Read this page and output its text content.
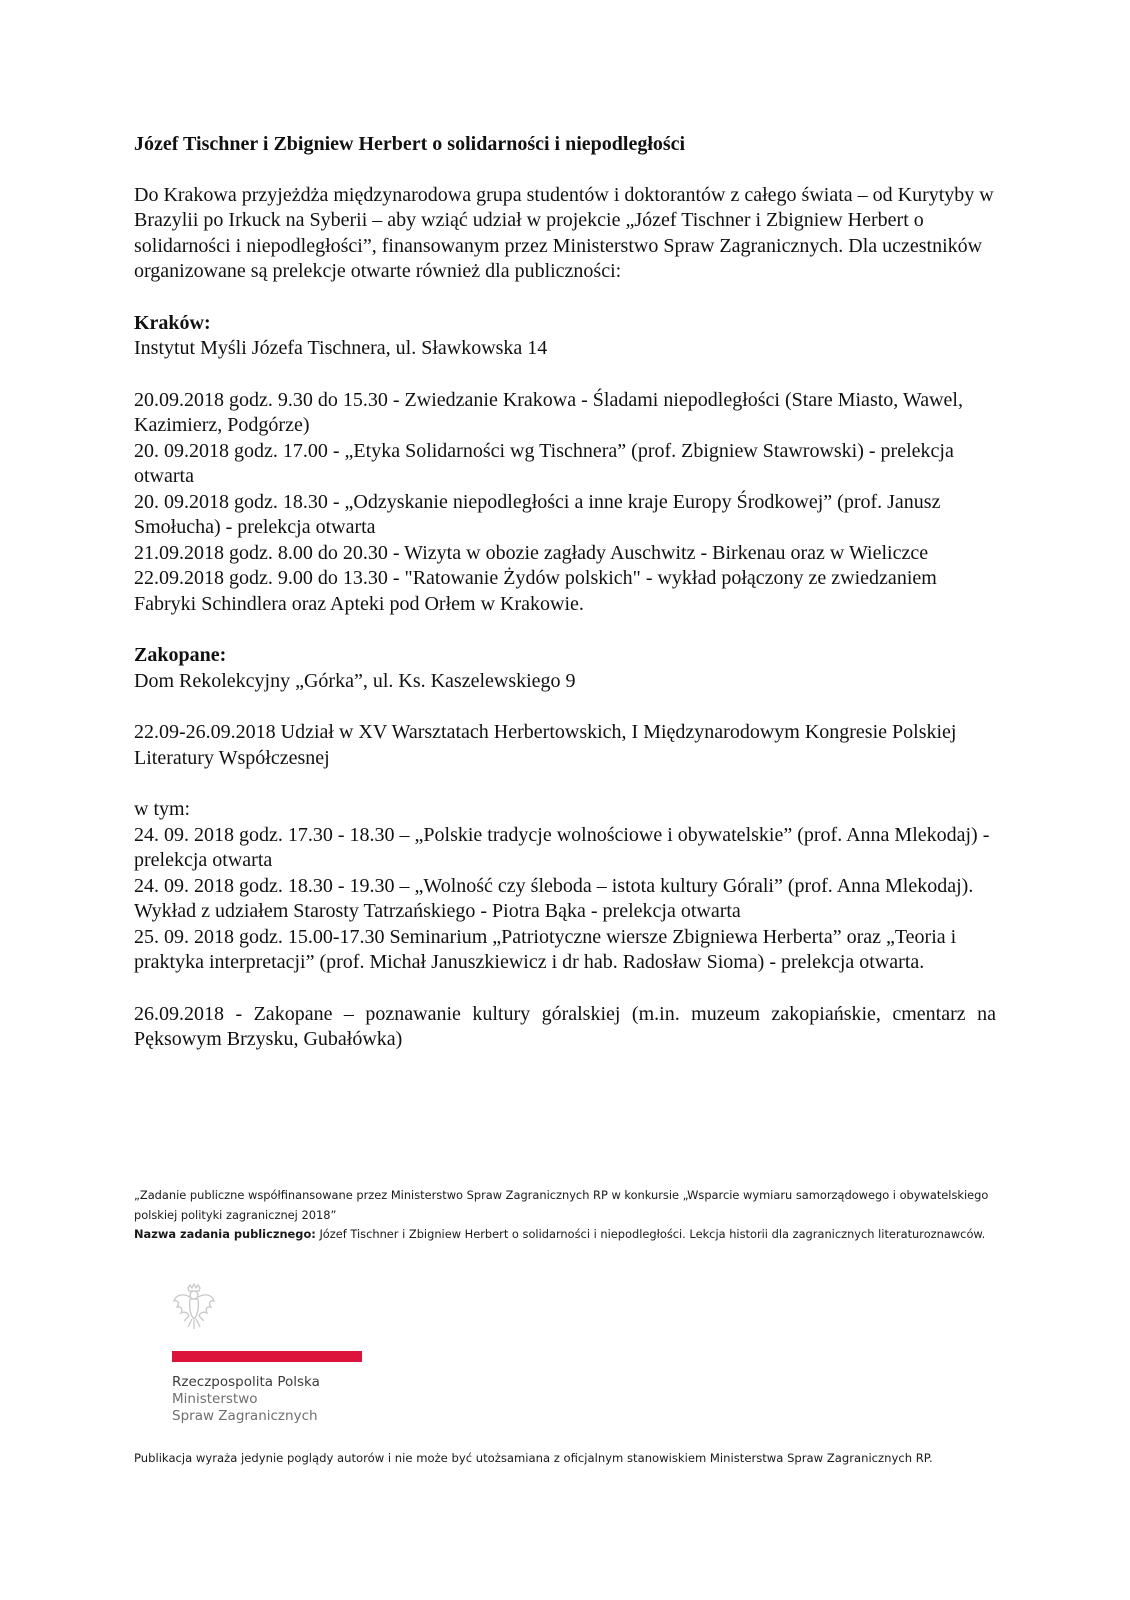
Józef Tischner i Zbigniew Herbert o solidarności i niepodległości

Do Krakowa przyjeżdża międzynarodowa grupa studentów i doktorantów z całego świata – od Kurytyby w Brazylii po Irkuck na Syberii – aby wziąć udział w projekcie „Józef Tischner i Zbigniew Herbert o solidarności i niepodległości”, finansowanym przez Ministerstwo Spraw Zagranicznych. Dla uczestników organizowane są prelekcje otwarte również dla publiczności:

Kraków:

Instytut Myśli Józefa Tischnera, ul. Sławkowska 14

20.09.2018 godz. 9.30 do 15.30 - Zwiedzanie Krakowa - Śladami niepodległości (Stare Miasto, Wawel, Kazimierz, Podgórze)

20. 09.2018 godz. 17.00 - „Etyka Solidarności wg Tischnera” (prof. Zbigniew Stawrowski) - prelekcja otwarta

20. 09.2018 godz. 18.30 - „Odzyskanie niepodległości a inne kraje Europy Środkowej” (prof. Janusz Smołucha) - prelekcja otwarta

21.09.2018 godz. 8.00 do 20.30 - Wizyta w obozie zagłady Auschwitz - Birkenau oraz w Wieliczce

22.09.2018 godz. 9.00 do 13.30 - "Ratowanie Żydów polskich" - wykład połączony ze zwiedzaniem Fabryki Schindlera oraz Apteki pod Orłem w Krakowie.

Zakopane:

Dom Rekolekcyjny „Górka”, ul. Ks. Kaszelewskiego 9

22.09-26.09.2018 Udział w XV Warsztatach Herbertowskich, I Międzynarodowym Kongresie Polskiej Literatury Współczesnej

w tym:

24. 09. 2018 godz. 17.30 - 18.30 – „Polskie tradycje wolnościowe i obywatelskie” (prof. Anna Mlekodaj) - prelekcja otwarta

24. 09. 2018 godz. 18.30 - 19.30 – „Wolność czy śleboda – istota kultury Górali” (prof. Anna Mlekodaj). Wykład z udziałem Starosty Tatrzańskiego - Piotra Bąka - prelekcja otwarta

25. 09. 2018 godz. 15.00-17.30 Seminarium „Patriotyczne wiersze Zbigniewa Herberta” oraz „Teoria i praktyka interpretacji” (prof. Michał Januszkiewicz i dr hab. Radosław Sioma) - prelekcja otwarta.

26.09.2018 - Zakopane – poznawanie kultury góralskiej (m.in. muzeum zakopiańskie, cmentarz na Pęksowym Brzysku, Gubałówka)

„Zadanie publiczne współfinansowane przez Ministerstwo Spraw Zagranicznych RP w konkursie „Wsparcie wymiaru samorządowego i obywatelskiego polskiej polityki zagranicznej 2018”
Nazwa zadania publicznego: Józef Tischner i Zbigniew Herbert o solidarności i niepodległości. Lekcja historii dla zagranicznych literaturoznawców.
Rzeczpospolita Polska
Ministerstwo
Spraw Zagranicznych
Publikacja wyraża jedynie poglądy autorów i nie może być utożsamiana z oficjalnym stanowiskiem Ministerstwa Spraw Zagranicznych RP.
